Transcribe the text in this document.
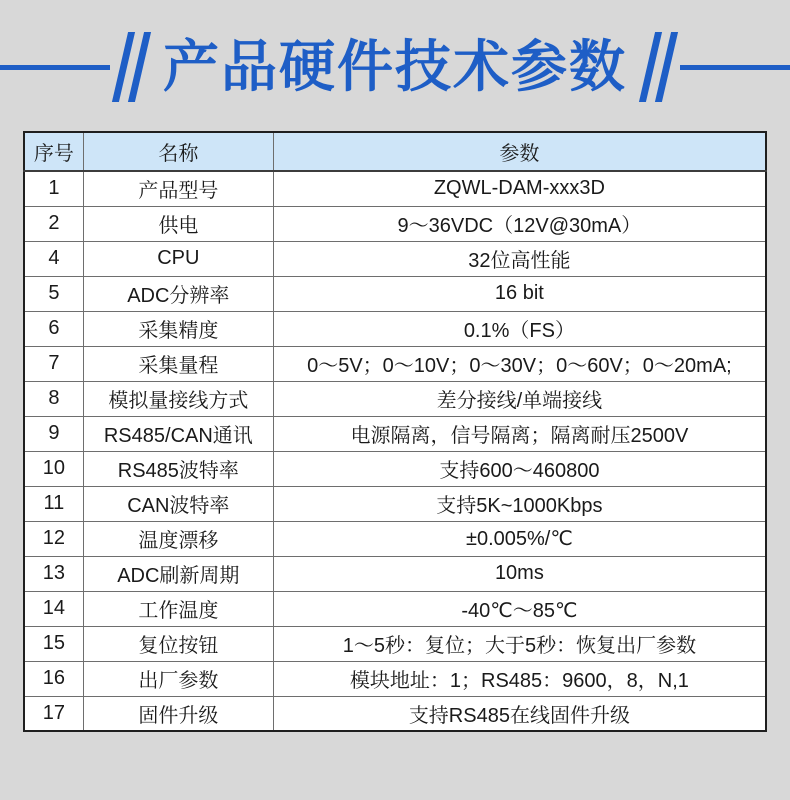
产品硬件技术参数
序号	名称	参数
1	产品型号	ZQWL-DAM-xxx3D
2	供电	9～36VDC（12V@30mA）
4	CPU	32位高性能
5	ADC分辨率	16 bit
6	采集精度	0.1%（FS）
7	采集量程	0～5V；0～10V；0～30V；0～60V；0～20mA;
8	模拟量接线方式	差分接线/单端接线
9	RS485/CAN通讯	电源隔离，信号隔离；隔离耐压2500V
10	RS485波特率	支持600～460800
11	CAN波特率	支持5K~1000Kbps
12	温度漂移	±0.005%/℃
13	ADC刷新周期	10ms
14	工作温度	-40℃～85℃
15	复位按钮	1～5秒：复位；大于5秒：恢复出厂参数
16	出厂参数	模块地址：1；RS485：9600，8，N,1
17	固件升级	支持RS485在线固件升级
